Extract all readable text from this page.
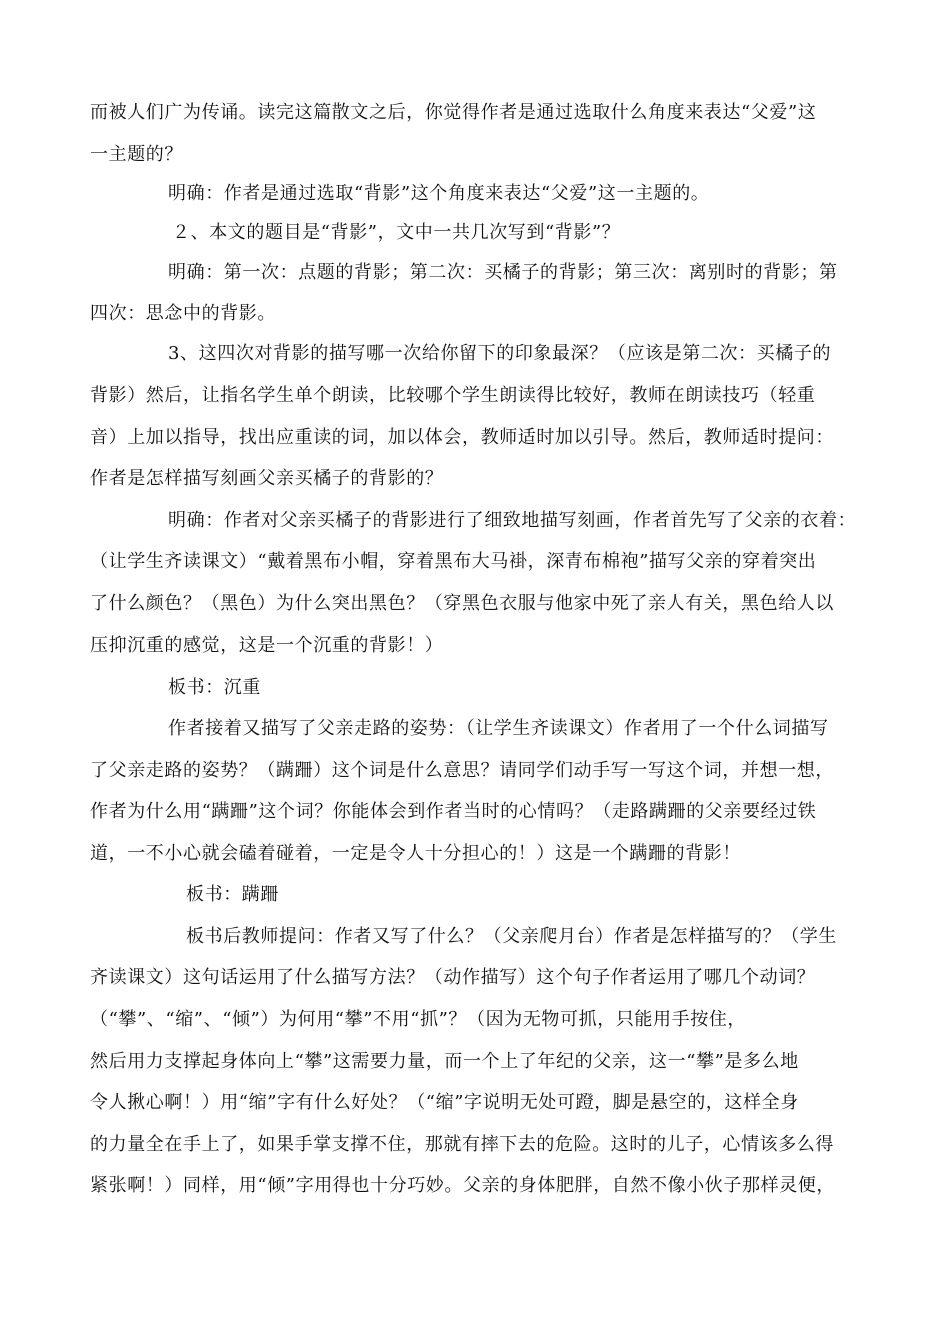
而被人们广为传诵。读完这篇散文之后，你觉得作者是通过选取什么角度来表达“父爱”这
一主题的？
明确：作者是通过选取“背影”这个角度来表达“父爱”这一主题的。
２、本文的题目是“背影”，文中一共几次写到“背影”？
明确：第一次：点题的背影；第二次：买橘子的背影；第三次：离别时的背影；第
四次：思念中的背影。
3、这四次对背影的描写哪一次给你留下的印象最深？（应该是第二次：买橘子的
背影）然后，让指名学生单个朗读，比较哪个学生朗读得比较好，教师在朗读技巧（轻重
音）上加以指导，找出应重读的词，加以体会，教师适时加以引导。然后，教师适时提问：
作者是怎样描写刻画父亲买橘子的背影的？
明确：作者对父亲买橘子的背影进行了细致地描写刻画，作者首先写了父亲的衣着：
（让学生齐读课文）“戴着黑布小帽，穿着黑布大马褂，深青布棉袍”描写父亲的穿着突出
了什么颜色？（黑色）为什么突出黑色？（穿黑色衣服与他家中死了亲人有关，黑色给人以
压抑沉重的感觉，这是一个沉重的背影！）
板书：沉重
作者接着又描写了父亲走路的姿势：（让学生齐读课文）作者用了一个什么词描写
了父亲走路的姿势？（蹒跚）这个词是什么意思？请同学们动手写一写这个词，并想一想，
作者为什么用“蹒跚”这个词？你能体会到作者当时的心情吗？（走路蹒跚的父亲要经过铁
道，一不小心就会磕着碰着，一定是令人十分担心的！）这是一个蹒跚的背影！
板书：蹒跚
板书后教师提问：作者又写了什么？（父亲爬月台）作者是怎样描写的？（学生
齐读课文）这句话运用了什么描写方法？（动作描写）这个句子作者运用了哪几个动词？
（“攀”、“缩”、“倾”）为何用“攀”不用“抓”？（因为无物可抓，只能用手按住，
然后用力支撑起身体向上“攀”这需要力量，而一个上了年纪的父亲，这一“攀”是多么地
令人揪心啊！）用“缩”字有什么好处？（“缩”字说明无处可蹬，脚是悬空的，这样全身
的力量全在手上了，如果手掌支撑不住，那就有摔下去的危险。这时的儿子，心情该多么得
紧张啊！）同样，用“倾”字用得也十分巧妙。父亲的身体肥胖，自然不像小伙子那样灵便，
